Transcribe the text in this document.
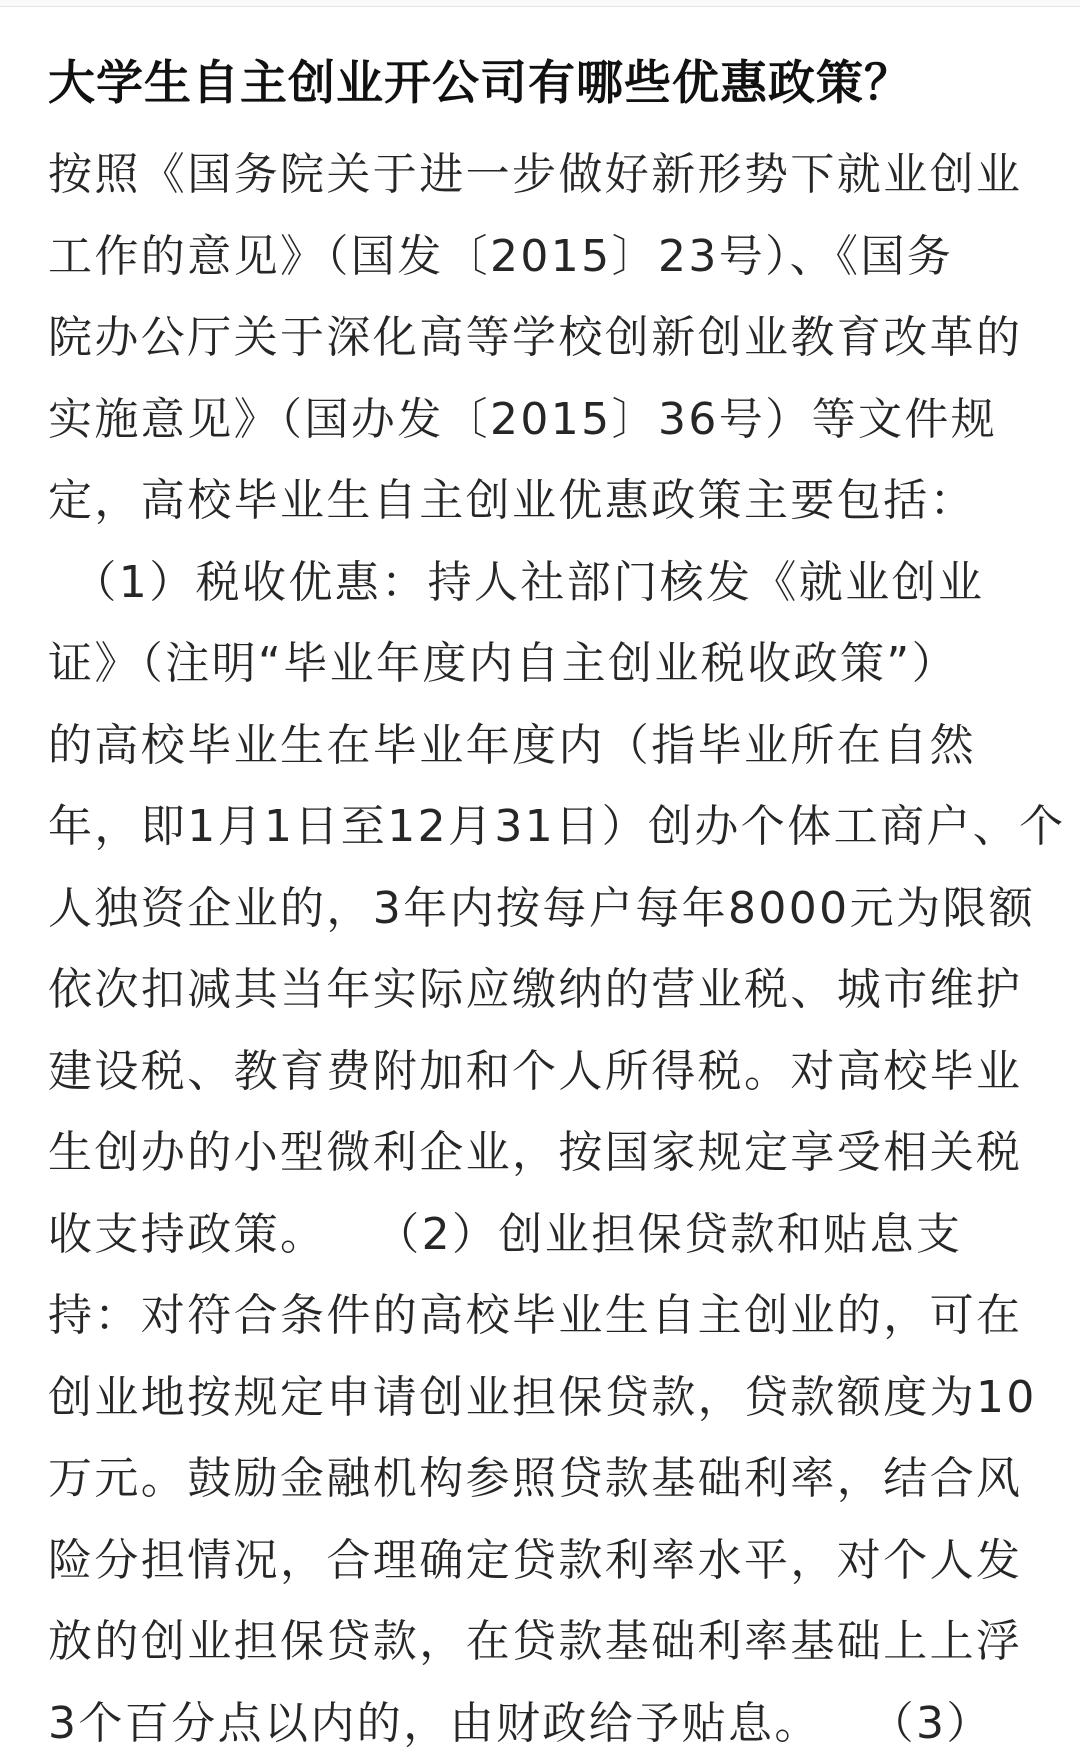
大学生自主创业开公司有哪些优惠政策？
按照《国务院关于进一步做好新形势下就业创业
工作的意见》（国发〔2015〕23号）、《国务
院办公厅关于深化高等学校创新创业教育改革的
实施意见》（国办发〔2015〕36号）等文件规
定，高校毕业生自主创业优惠政策主要包括：
　（1）税收优惠：持人社部门核发《就业创业
证》（注明“毕业年度内自主创业税收政策”）
的高校毕业生在毕业年度内（指毕业所在自然
年，即1月1日至12月31日）创办个体工商户、个
人独资企业的，3年内按每户每年8000元为限额
依次扣减其当年实际应缴纳的营业税、城市维护
建设税、教育费附加和个人所得税。对高校毕业
生创办的小型微利企业，按国家规定享受相关税
收支持政策。　　（2）创业担保贷款和贴息支
持：对符合条件的高校毕业生自主创业的，可在
创业地按规定申请创业担保贷款，贷款额度为10
万元。鼓励金融机构参照贷款基础利率，结合风
险分担情况，合理确定贷款利率水平，对个人发
放的创业担保贷款，在贷款基础利率基础上上浮
3个百分点以内的，由财政给予贴息。　　（3）
